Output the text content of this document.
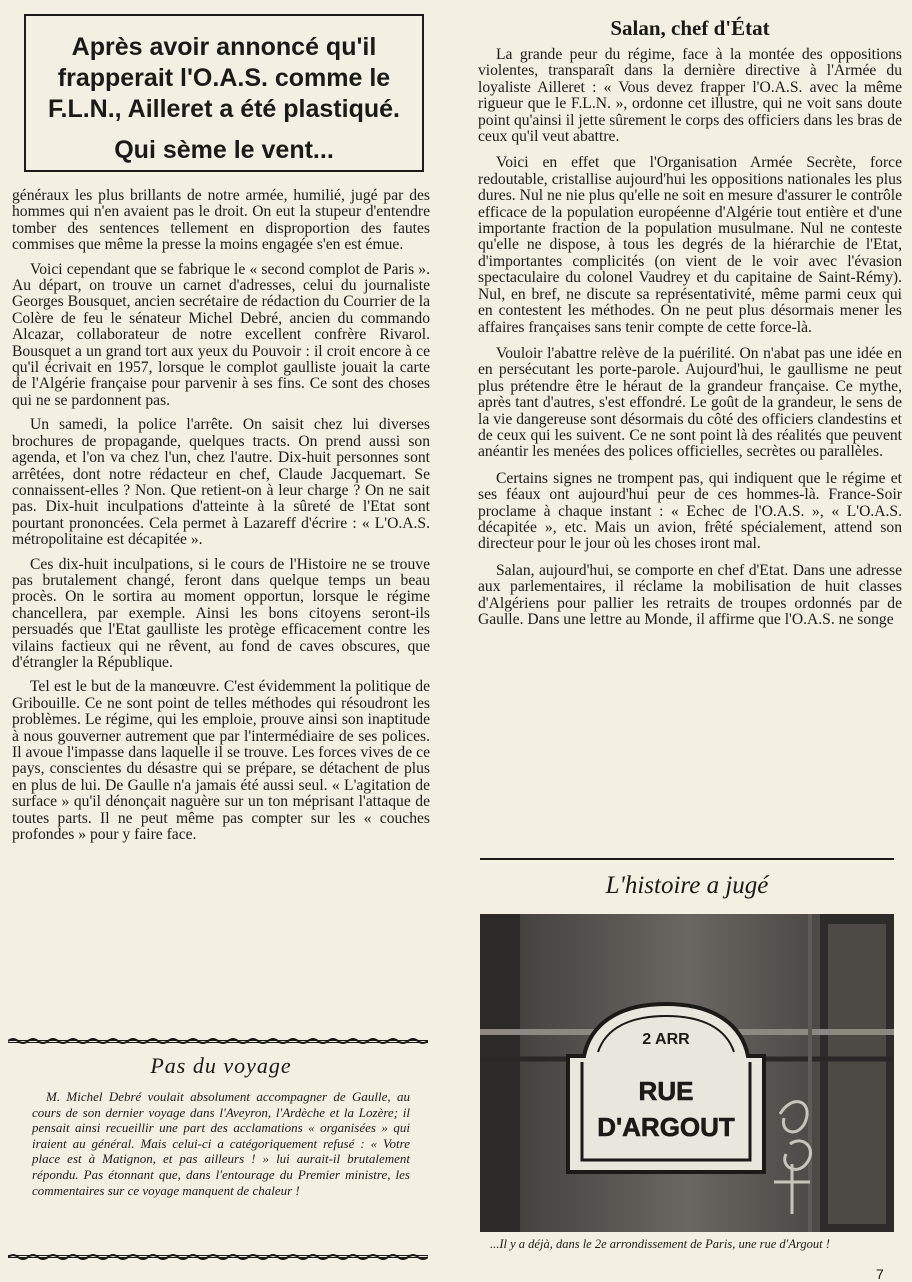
Après avoir annoncé qu'il frapperait l'O.A.S. comme le F.L.N., Ailleret a été plastiqué.
Qui sème le vent...

généraux les plus brillants de notre armée, humilié, jugé par des hommes qui n'en avaient pas le droit. On eut la stupeur d'entendre tomber des sentences tellement en disproportion des fautes commises que même la presse la moins engagée s'en est émue.

Voici cependant que se fabrique le « second complot de Paris ». Au départ, on trouve un carnet d'adresses, celui du journaliste Georges Bousquet, ancien secrétaire de rédaction du Courrier de la Colère de feu le sénateur Michel Debré, ancien du commando Alcazar, collaborateur de notre excellent confrère Rivarol. Bousquet a un grand tort aux yeux du Pouvoir : il croit encore à ce qu'il écrivait en 1957, lorsque le complot gaulliste jouait la carte de l'Algérie française pour parvenir à ses fins. Ce sont des choses qui ne se pardonnent pas.

Un samedi, la police l'arrête. On saisit chez lui diverses brochures de propagande, quelques tracts. On prend aussi son agenda, et l'on va chez l'un, chez l'autre. Dix-huit personnes sont arrêtées, dont notre rédacteur en chef, Claude Jacquemart. Se connaissent-elles ? Non. Que retient-on à leur charge ? On ne sait pas. Dix-huit inculpations d'atteinte à la sûreté de l'Etat sont pourtant prononcées. Cela permet à Lazareff d'écrire : « L'O.A.S. métropolitaine est décapitée ».

Ces dix-huit inculpations, si le cours de l'Histoire ne se trouve pas brutalement changé, feront dans quelque temps un beau procès. On le sortira au moment opportun, lorsque le régime chancellera, par exemple. Ainsi les bons citoyens seront-ils persuadés que l'Etat gaulliste les protège efficacement contre les vilains factieux qui ne rêvent, au fond de caves obscures, que d'étrangler la République.

Tel est le but de la manœuvre. C'est évidemment la politique de Gribouille. Ce ne sont point de telles méthodes qui résoudront les problèmes. Le régime, qui les emploie, prouve ainsi son inaptitude à nous gouverner autrement que par l'intermédiaire de ses polices. Il avoue l'impasse dans laquelle il se trouve. Les forces vives de ce pays, conscientes du désastre qui se prépare, se détachent de plus en plus de lui. De Gaulle n'a jamais été aussi seul. « L'agitation de surface » qu'il dénonçait naguère sur un ton méprisant l'attaque de toutes parts. Il ne peut même pas compter sur les « couches profondes » pour y faire face.

Pas du voyage

M. Michel Debré voulait absolument accompagner de Gaulle, au cours de son dernier voyage dans l'Aveyron, l'Ardèche et la Lozère; il pensait ainsi recueillir une part des acclamations « organisées » qui iraient au général. Mais celui-ci a catégoriquement refusé : « Votre place est à Matignon, et pas ailleurs ! » lui aurait-il brutalement répondu. Pas étonnant que, dans l'entourage du Premier ministre, les commentaires sur ce voyage manquent de chaleur !

Salan, chef d'État

La grande peur du régime, face à la montée des oppositions violentes, transparaît dans la dernière directive à l'Armée du loyaliste Ailleret : « Vous devez frapper l'O.A.S. avec la même rigueur que le F.L.N. », ordonne cet illustre, qui ne voit sans doute point qu'ainsi il jette sûrement le corps des officiers dans les bras de ceux qu'il veut abattre.

Voici en effet que l'Organisation Armée Secrète, force redoutable, cristallise aujourd'hui les oppositions nationales les plus dures. Nul ne nie plus qu'elle ne soit en mesure d'assurer le contrôle efficace de la population européenne d'Algérie tout entière et d'une importante fraction de la population musulmane. Nul ne conteste qu'elle ne dispose, à tous les degrés de la hiérarchie de l'Etat, d'importantes complicités (on vient de le voir avec l'évasion spectaculaire du colonel Vaudrey et du capitaine de Saint-Rémy). Nul, en bref, ne discute sa représentativité, même parmi ceux qui en contestent les méthodes. On ne peut plus désormais mener les affaires françaises sans tenir compte de cette force-là.

Vouloir l'abattre relève de la puérilité. On n'abat pas une idée en en persécutant les porte-parole. Aujourd'hui, le gaullisme ne peut plus prétendre être le héraut de la grandeur française. Ce mythe, après tant d'autres, s'est effondré. Le goût de la grandeur, le sens de la vie dangereuse sont désormais du côté des officiers clandestins et de ceux qui les suivent. Ce ne sont point là des réalités que peuvent anéantir les menées des polices officielles, secrètes ou parallèles.

Certains signes ne trompent pas, qui indiquent que le régime et ses féaux ont aujourd'hui peur de ces hommes-là. France-Soir proclame à chaque instant : « Echec de l'O.A.S. », « L'O.A.S. décapitée », etc. Mais un avion, frêté spécialement, attend son directeur pour le jour où les choses iront mal.

Salan, aujourd'hui, se comporte en chef d'Etat. Dans une adresse aux parlementaires, il réclame la mobilisation de huit classes d'Algériens pour pallier les retraits de troupes ordonnés par de Gaulle. Dans une lettre au Monde, il affirme que l'O.A.S. ne songe

L'histoire a jugé
2 ARR
RUE
D'ARGOUT
...Il y a déjà, dans le 2e arrondissement de Paris, une rue d'Argout !
7
